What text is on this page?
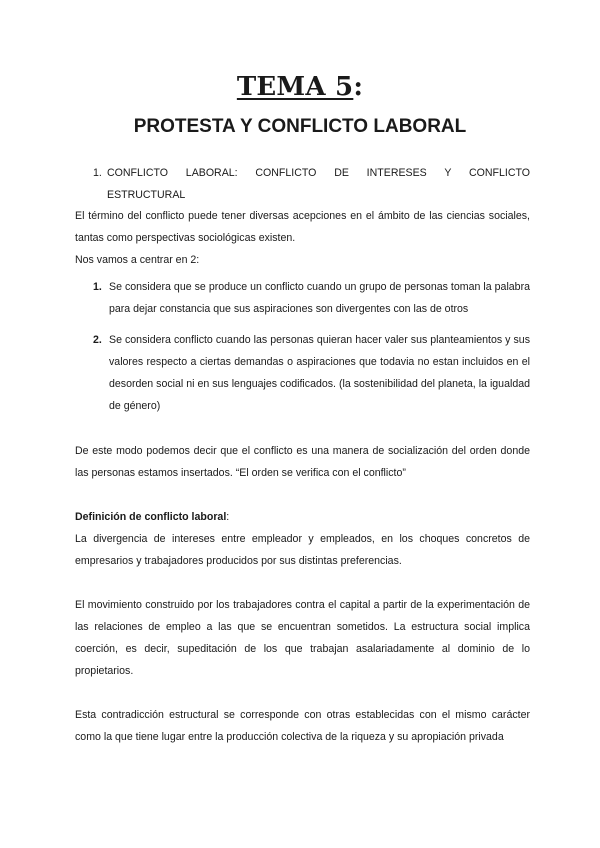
TEMA 5:
PROTESTA Y CONFLICTO LABORAL
1. CONFLICTO LABORAL: CONFLICTO DE INTERESES Y CONFLICTO
ESTRUCTURAL

El término del conflicto puede tener diversas acepciones en el ámbito de las ciencias sociales, tantas como perspectivas sociológicas existen.

Nos vamos a centrar en 2:

1. Se considera que se produce un conflicto cuando un grupo de personas toman la palabra para dejar constancia que sus aspiraciones son divergentes con las de otros
2. Se considera conflicto cuando las personas quieran hacer valer sus planteamientos y sus valores respecto a ciertas demandas o aspiraciones que todavia no estan incluidos en el desorden social ni en sus lenguajes codificados. (la sostenibilidad del planeta, la igualdad de género)

De este modo podemos decir que el conflicto es una manera de socialización del orden donde las personas estamos insertados. “El orden se verifica con el conflicto”

Definición de conflicto laboral:

La divergencia de intereses entre empleador y empleados, en los choques concretos de empresarios y trabajadores producidos por sus distintas preferencias.

El movimiento construido por los trabajadores contra el capital a partir de la experimentación de las relaciones de empleo a las que se encuentran sometidos. La estructura social implica coerción, es decir, supeditación de los que trabajan asalariadamente al dominio de lo propietarios.

Esta contradicción estructural se corresponde con otras establecidas con el mismo carácter como la que tiene lugar entre la producción colectiva de la riqueza y su apropiación privada
